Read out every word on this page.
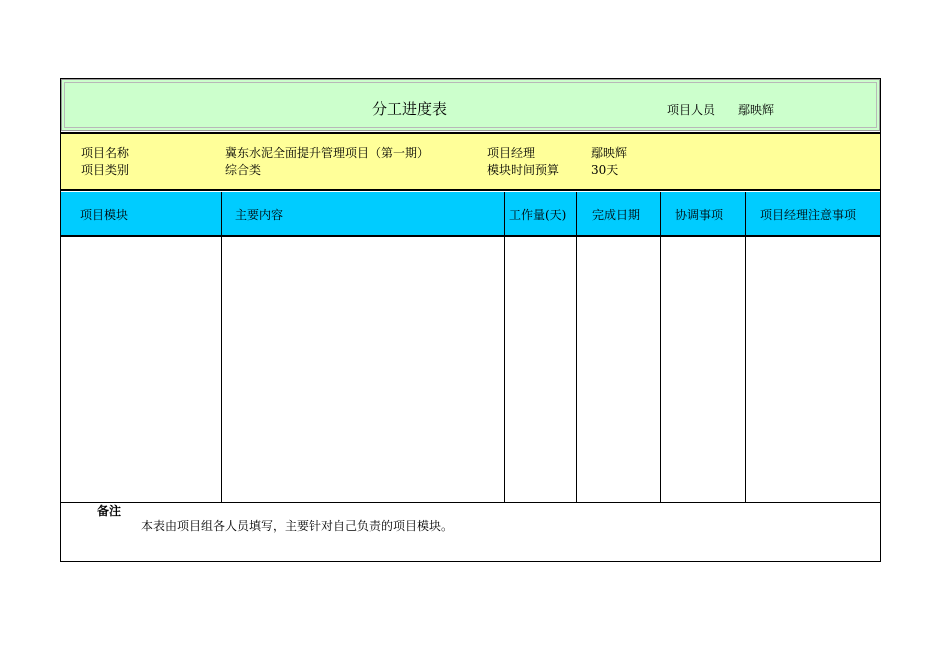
分工进度表	项目人员 鄢映辉
项目名称	冀东水泥全面提升管理项目（第一期）	项目经理	鄢映辉
项目类别	综合类	模块时间预算	30天
项目模块	主要内容	工作量(天) 完成日期	协调事项	项目经理注意事项
备注
本表由项目组各人员填写，主要针对自己负责的项目模块。
